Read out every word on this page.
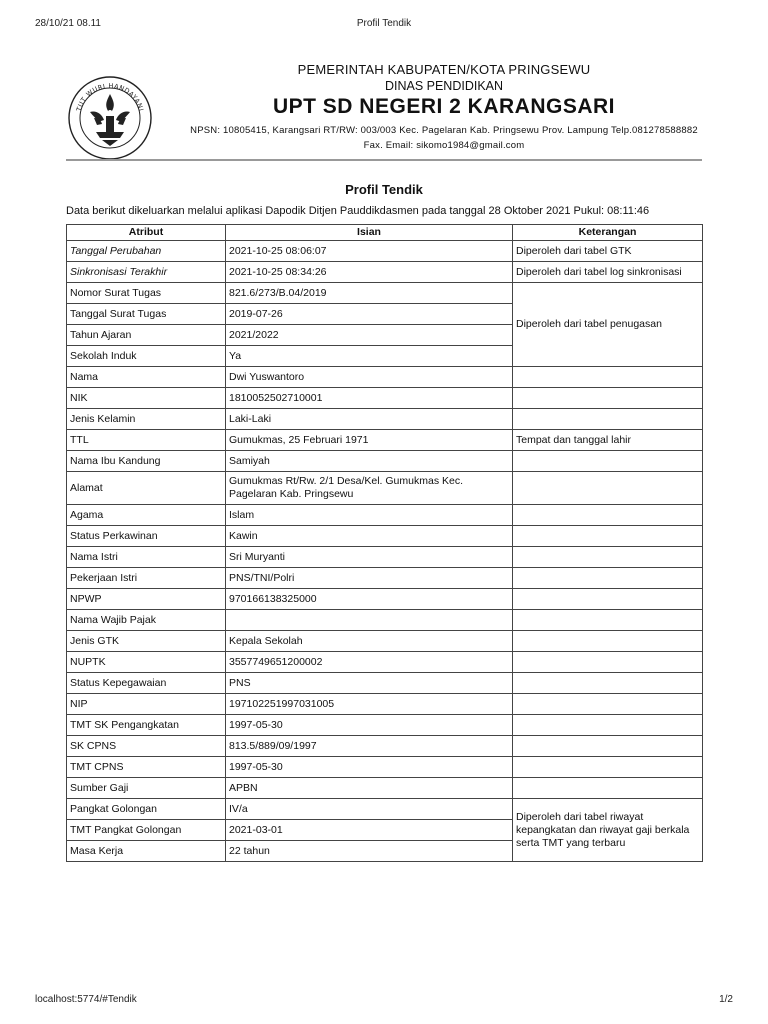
28/10/21 08.11	Profil Tendik
TUT WURI HANDAYANI
PEMERINTAH KABUPATEN/KOTA PRINGSEWU
DINAS PENDIDIKAN
UPT SD NEGERI 2 KARANGSARI
NPSN: 10805415, Karangsari RT/RW: 003/003 Kec. Pagelaran Kab. Pringsewu Prov. Lampung Telp.081278588882
Fax. Email: sikomo1984@gmail.com
Profil Tendik
Data berikut dikeluarkan melalui aplikasi Dapodik Ditjen Pauddikdasmen pada tanggal 28 Oktober 2021 Pukul: 08:11:46
Atribut	Isian	Keterangan
Tanggal Perubahan	2021-10-25 08:06:07	Diperoleh dari tabel GTK
Sinkronisasi Terakhir	2021-10-25 08:34:26	Diperoleh dari tabel log sinkronisasi
Nomor Surat Tugas	821.6/273/B.04/2019	Diperoleh dari tabel penugasan
Tanggal Surat Tugas	2019-07-26	
Tahun Ajaran	2021/2022	
Sekolah Induk	Ya	
Nama	Dwi Yuswantoro	
NIK	1810052502710001	
Jenis Kelamin	Laki-Laki	
TTL	Gumukmas, 25 Februari 1971	Tempat dan tanggal lahir
Nama Ibu Kandung	Samiyah	
Alamat	Gumukmas Rt/Rw. 2/1 Desa/Kel. Gumukmas Kec. Pagelaran Kab. Pringsewu	
Agama	Islam	
Status Perkawinan	Kawin	
Nama Istri	Sri Muryanti	
Pekerjaan Istri	PNS/TNI/Polri	
NPWP	970166138325000	
Nama Wajib Pajak		
Jenis GTK	Kepala Sekolah	
NUPTK	3557749651200002	
Status Kepegawaian	PNS	
NIP	197102251997031005	
TMT SK Pengangkatan	1997-05-30	
SK CPNS	813.5/889/09/1997	
TMT CPNS	1997-05-30	
Sumber Gaji	APBN	
Pangkat Golongan	IV/a	Diperoleh dari tabel riwayat kepangkatan dan riwayat gaji berkala serta TMT yang terbaru
TMT Pangkat Golongan	2021-03-01	
Masa Kerja	22 tahun	
localhost:5774/#Tendik	1/2
